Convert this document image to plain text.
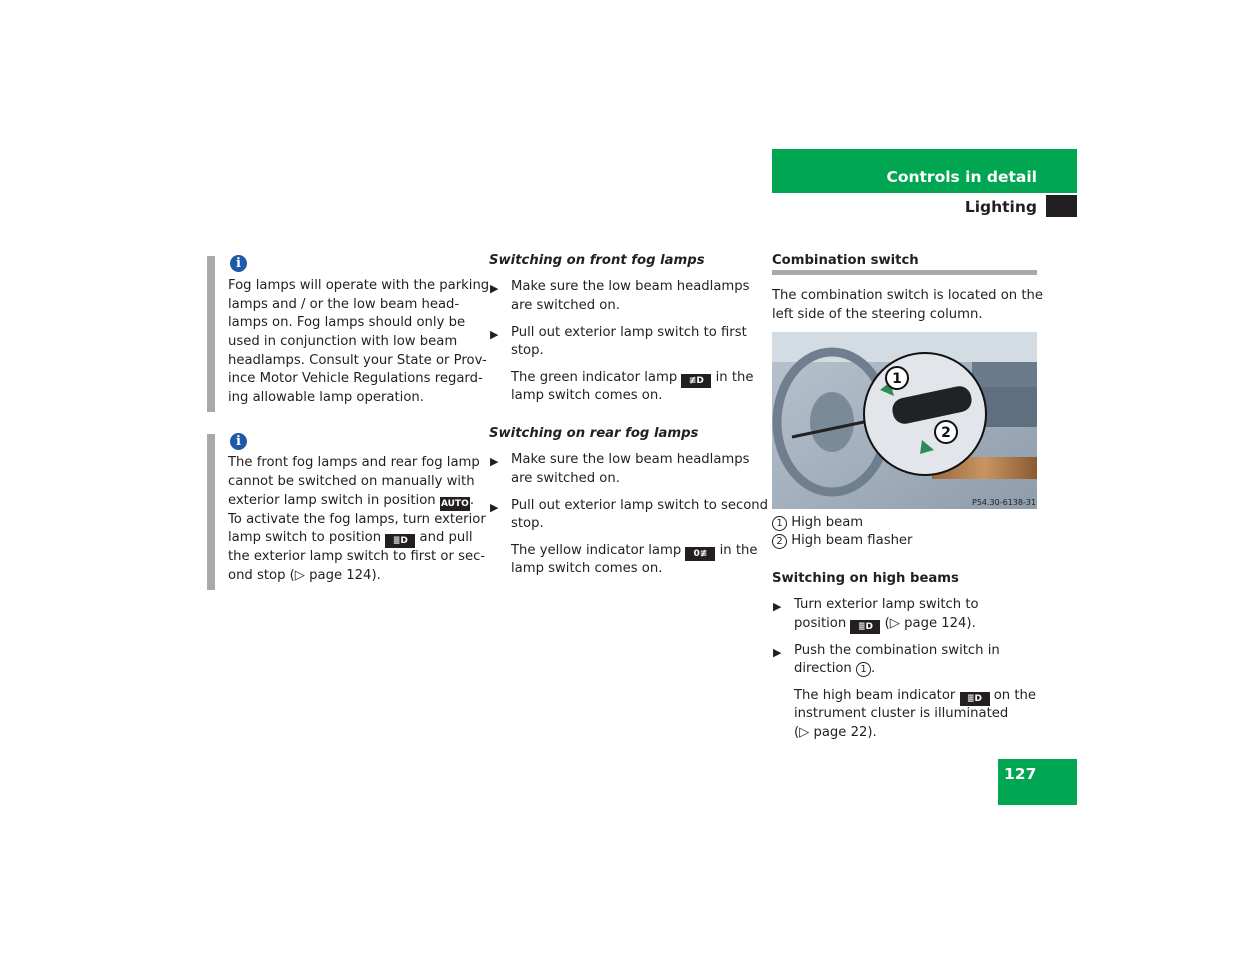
Controls in detail
Lighting
i
Fog lamps will operate with the parking
lamps and / or the low beam head-
lamps on. Fog lamps should only be
used in conjunction with low beam
headlamps. Consult your State or Prov-
ince Motor Vehicle Regulations regard-
ing allowable lamp operation.
i
The front fog lamps and rear fog lamp
cannot be switched on manually with
exterior lamp switch in position AUTO.
To activate the fog lamps, turn exterior
lamp switch to position ≣D and pull
the exterior lamp switch to first or sec-
ond stop (▷ page 124).
Switching on front fog lamps
▶ Make sure the low beam headlamps
are switched on.
▶ Pull out exterior lamp switch to first
stop.
The green indicator lamp ≢D in the
lamp switch comes on.
Switching on rear fog lamps
▶ Make sure the low beam headlamps
are switched on.
▶ Pull out exterior lamp switch to second
stop.
The yellow indicator lamp 0≢ in the
lamp switch comes on.
Combination switch
The combination switch is located on the
left side of the steering column.
1
2
P54.30-6138-31
1 High beam
2 High beam flasher
Switching on high beams
▶ Turn exterior lamp switch to
position ≣D (▷ page 124).
▶ Push the combination switch in
direction 1 .
The high beam indicator ≣D on the
instrument cluster is illuminated
(▷ page 22).
127
